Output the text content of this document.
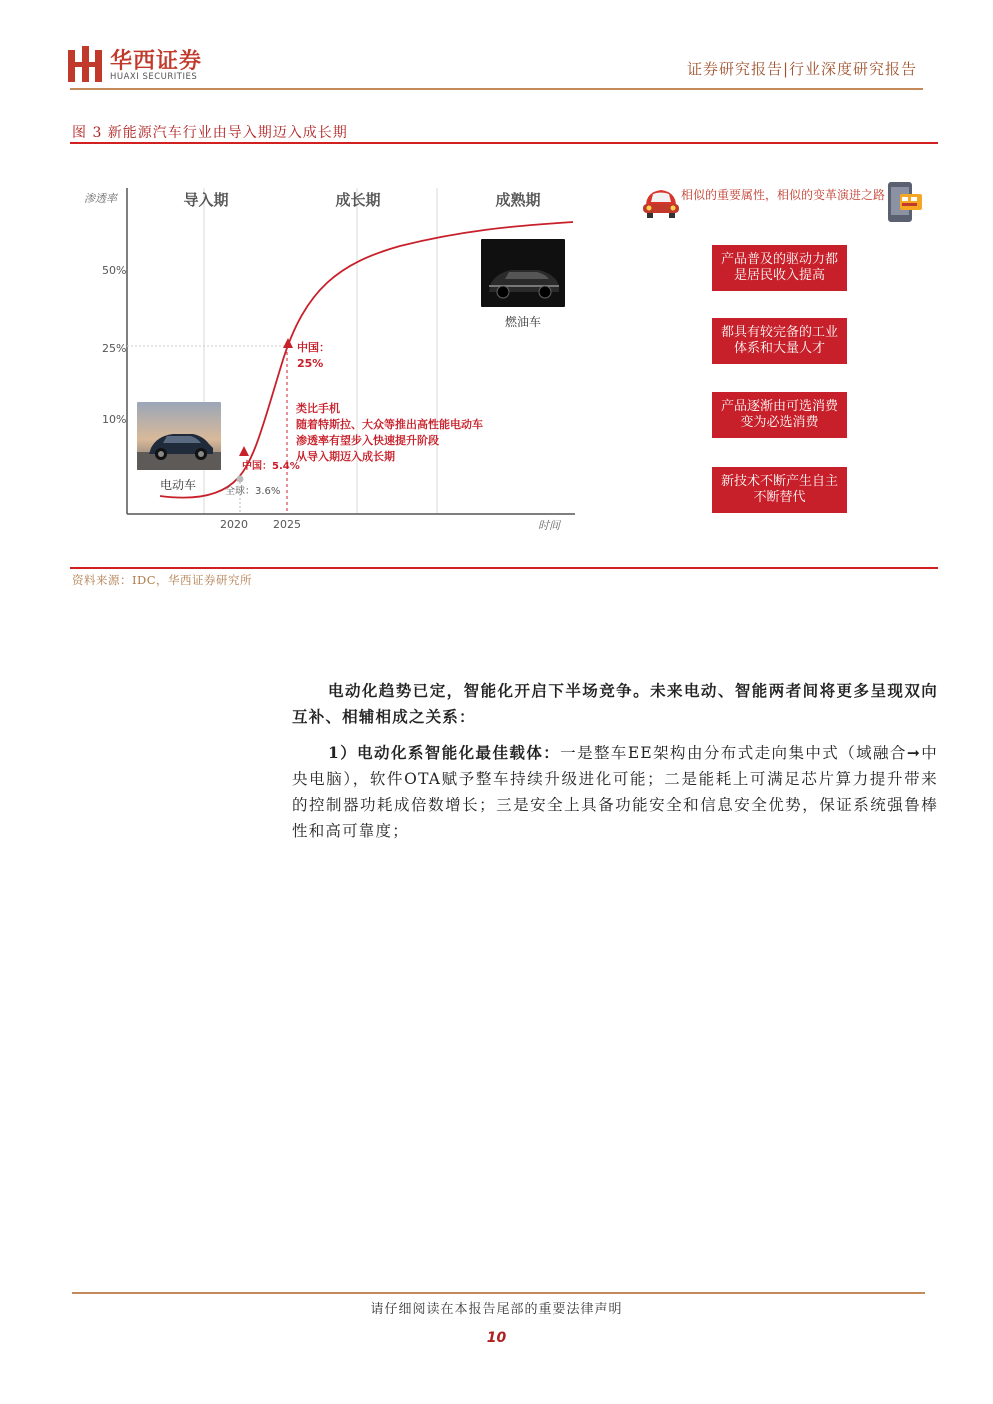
华西证券
HUAXI SECURITIES	证券研究报告|行业深度研究报告
图 3 新能源汽车行业由导入期迈入成长期
导入期	成长期	成熟期
渗透率
时间
50%
25%
10%
2020 2025
全球：3.6%
中国：5.4%
中国：
25%
类比手机
随着特斯拉、大众等推出高性能电动车
渗透率有望步入快速提升阶段
从导入期迈入成长期
电动车
燃油车
相似的重要属性，相似的变革演进之路
产品普及的驱动力都是居民收入提高
都具有较完备的工业体系和大量人才
产品逐渐由可选消费变为必选消费
新技术不断产生自主不断替代
资料来源：IDC，华西证券研究所
电动化趋势已定，智能化开启下半场竞争。未来电动、智能两者间将更多呈现双向互补、相辅相成之关系：
1）电动化系智能化最佳载体：一是整车EE架构由分布式走向集中式（域融合➞中央电脑），软件OTA赋予整车持续升级进化可能；二是能耗上可满足芯片算力提升带来的控制器功耗成倍数增长；三是安全上具备功能安全和信息安全优势，保证系统强鲁棒性和高可靠度；
请仔细阅读在本报告尾部的重要法律声明
10
